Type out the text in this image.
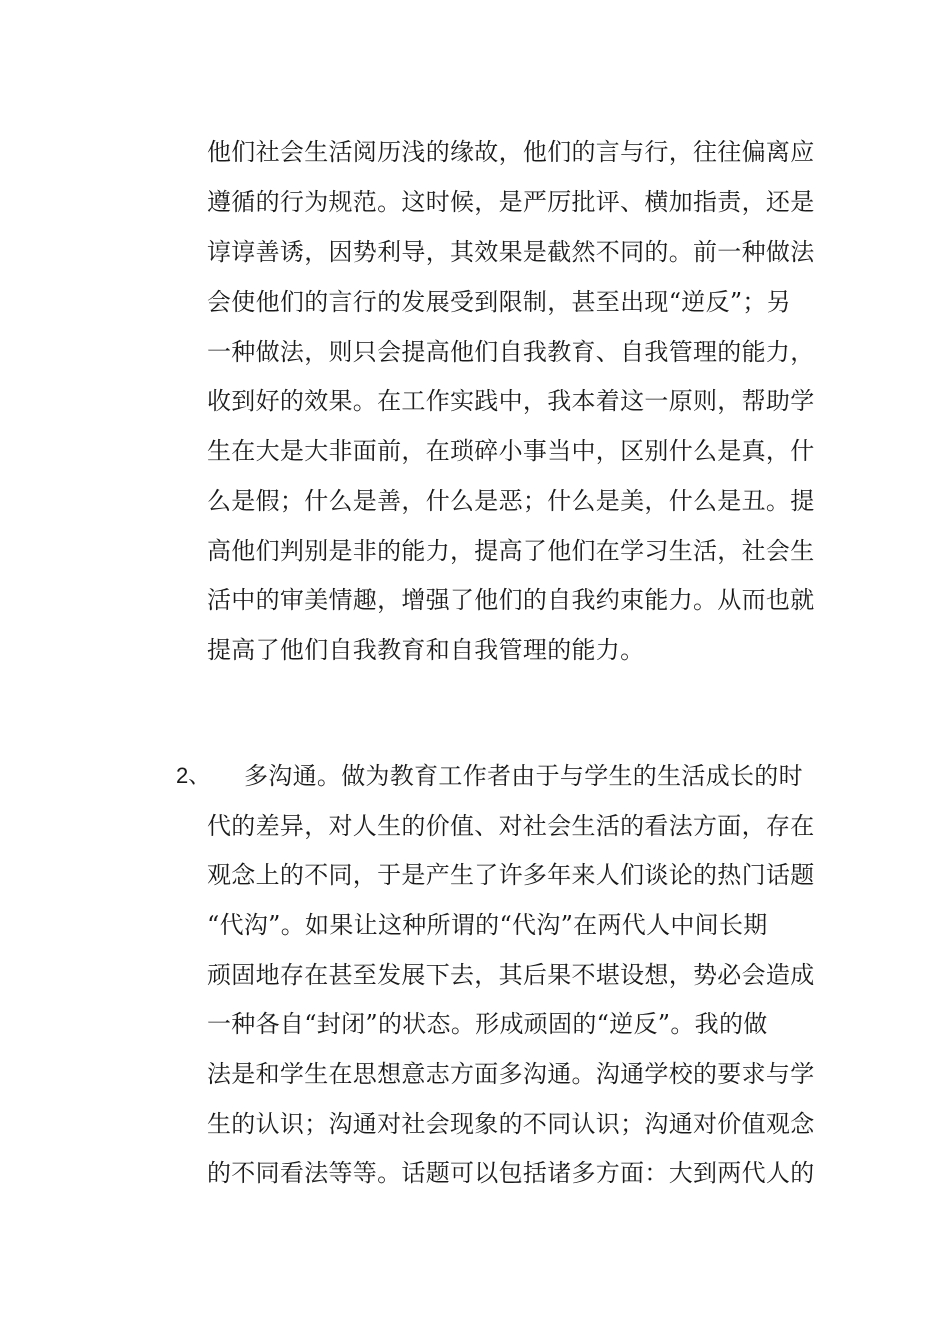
他们社会生活阅历浅的缘故，他们的言与行，往往偏离应
遵循的行为规范。这时候，是严厉批评、横加指责，还是
谆谆善诱，因势利导，其效果是截然不同的。前一种做法
会使他们的言行的发展受到限制，甚至出现“逆反”；另
一种做法，则只会提高他们自我教育、自我管理的能力，
收到好的效果。在工作实践中，我本着这一原则，帮助学
生在大是大非面前，在琐碎小事当中，区别什么是真，什
么是假；什么是善，什么是恶；什么是美，什么是丑。提
高他们判别是非的能力，提高了他们在学习生活，社会生
活中的审美情趣，增强了他们的自我约束能力。从而也就
提高了他们自我教育和自我管理的能力。
2、 多沟通。做为教育工作者由于与学生的生活成长的时
代的差异，对人生的价值、对社会生活的看法方面，存在
观念上的不同，于是产生了许多年来人们谈论的热门话题
“代沟”。如果让这种所谓的“代沟”在两代人中间长期
顽固地存在甚至发展下去，其后果不堪设想，势必会造成
一种各自“封闭”的状态。形成顽固的“逆反”。我的做
法是和学生在思想意志方面多沟通。沟通学校的要求与学
生的认识；沟通对社会现象的不同认识；沟通对价值观念
的不同看法等等。话题可以包括诸多方面：大到两代人的
